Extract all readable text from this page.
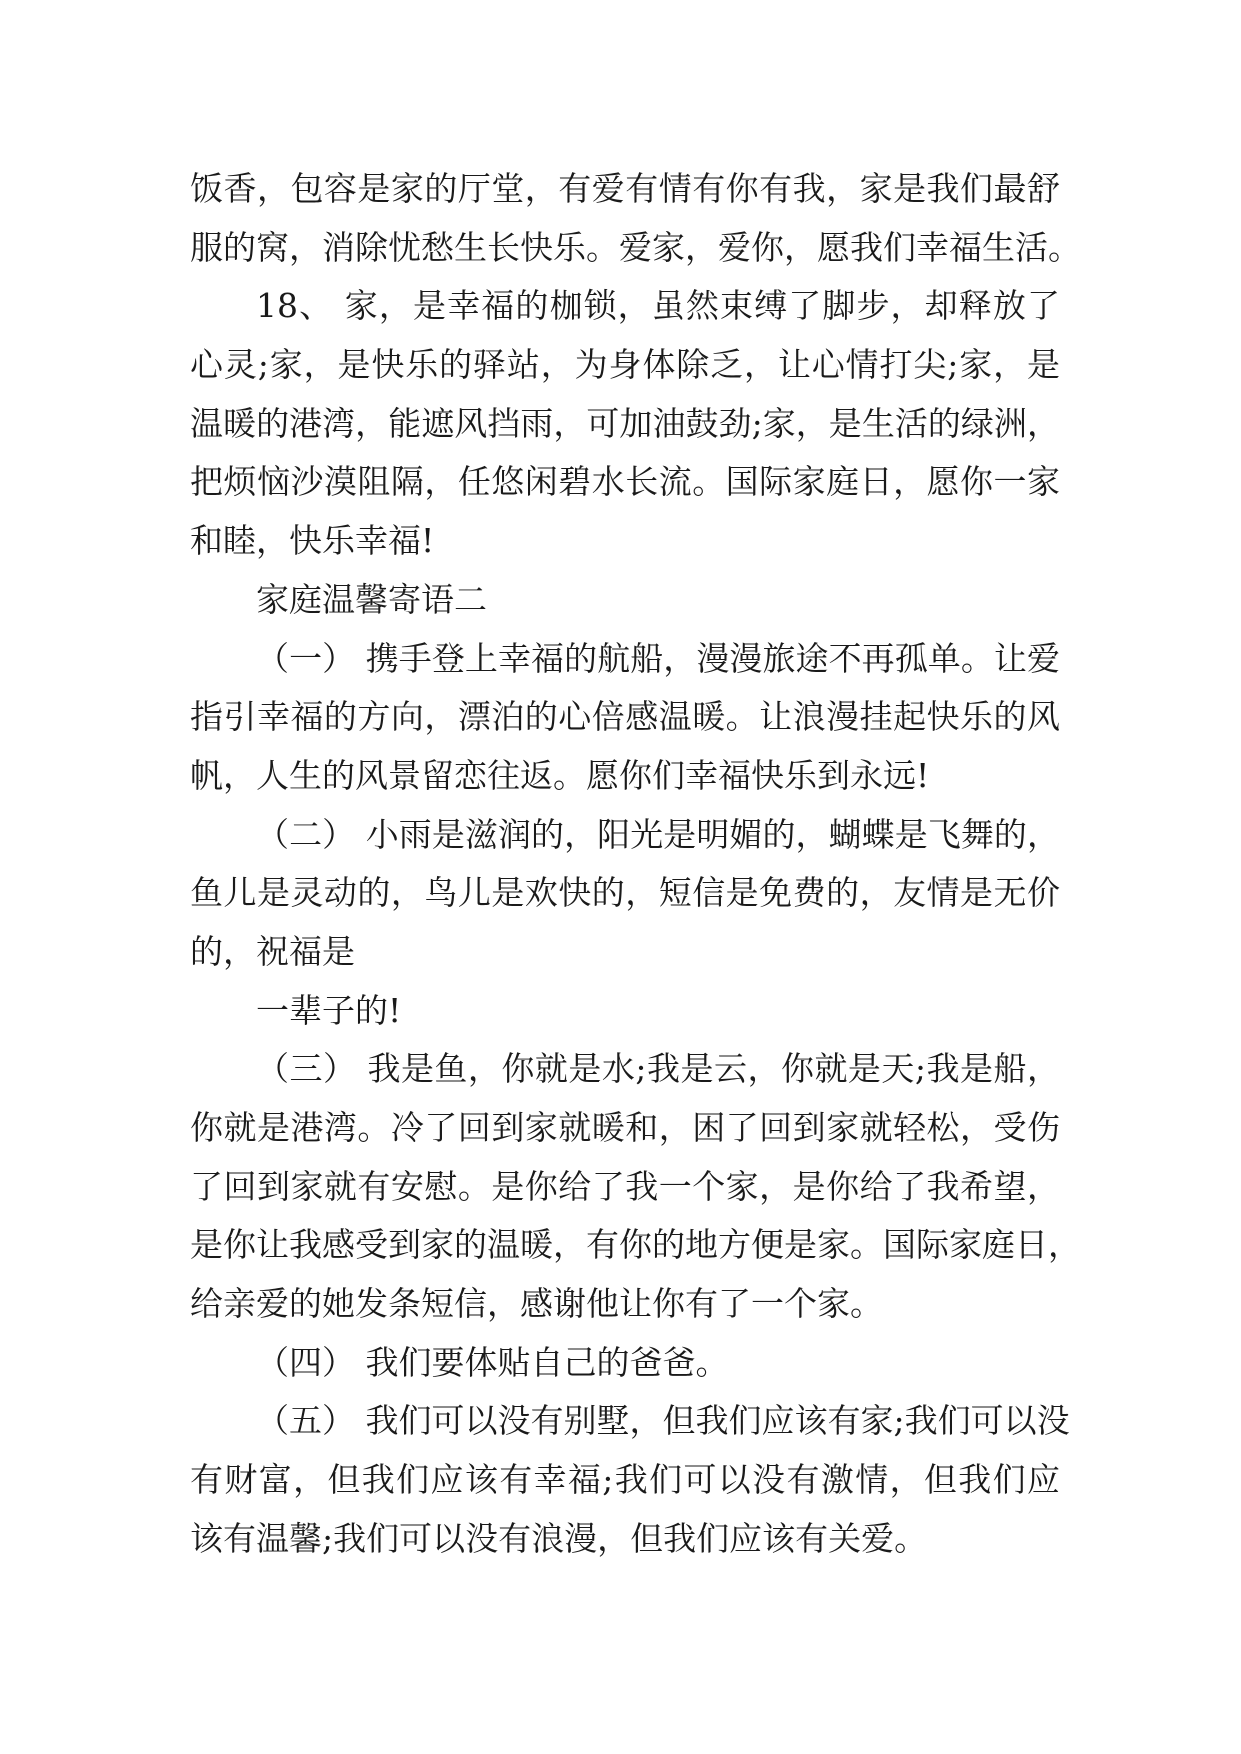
饭香，包容是家的厅堂，有爱有情有你有我，家是我们最舒
服的窝，消除忧愁生长快乐。爱家，爱你，愿我们幸福生活。
18、 家，是幸福的枷锁，虽然束缚了脚步，却释放了
心灵;家，是快乐的驿站，为身体除乏，让心情打尖;家，是
温暖的港湾，能遮风挡雨，可加油鼓劲;家，是生活的绿洲，
把烦恼沙漠阻隔，任悠闲碧水长流。国际家庭日，愿你一家
和睦，快乐幸福!
家庭温馨寄语二
（一） 携手登上幸福的航船，漫漫旅途不再孤单。让爱
指引幸福的方向，漂泊的心倍感温暖。让浪漫挂起快乐的风
帆，人生的风景留恋往返。愿你们幸福快乐到永远!
（二） 小雨是滋润的，阳光是明媚的，蝴蝶是飞舞的，
鱼儿是灵动的，鸟儿是欢快的，短信是免费的，友情是无价
的，祝福是
一辈子的!
（三） 我是鱼，你就是水;我是云，你就是天;我是船，
你就是港湾。冷了回到家就暖和，困了回到家就轻松，受伤
了回到家就有安慰。是你给了我一个家，是你给了我希望，
是你让我感受到家的温暖，有你的地方便是家。国际家庭日，
给亲爱的她发条短信，感谢他让你有了一个家。
（四） 我们要体贴自己的爸爸。
（五） 我们可以没有别墅，但我们应该有家;我们可以没
有财富，但我们应该有幸福;我们可以没有激情，但我们应
该有温馨;我们可以没有浪漫，但我们应该有关爱。
